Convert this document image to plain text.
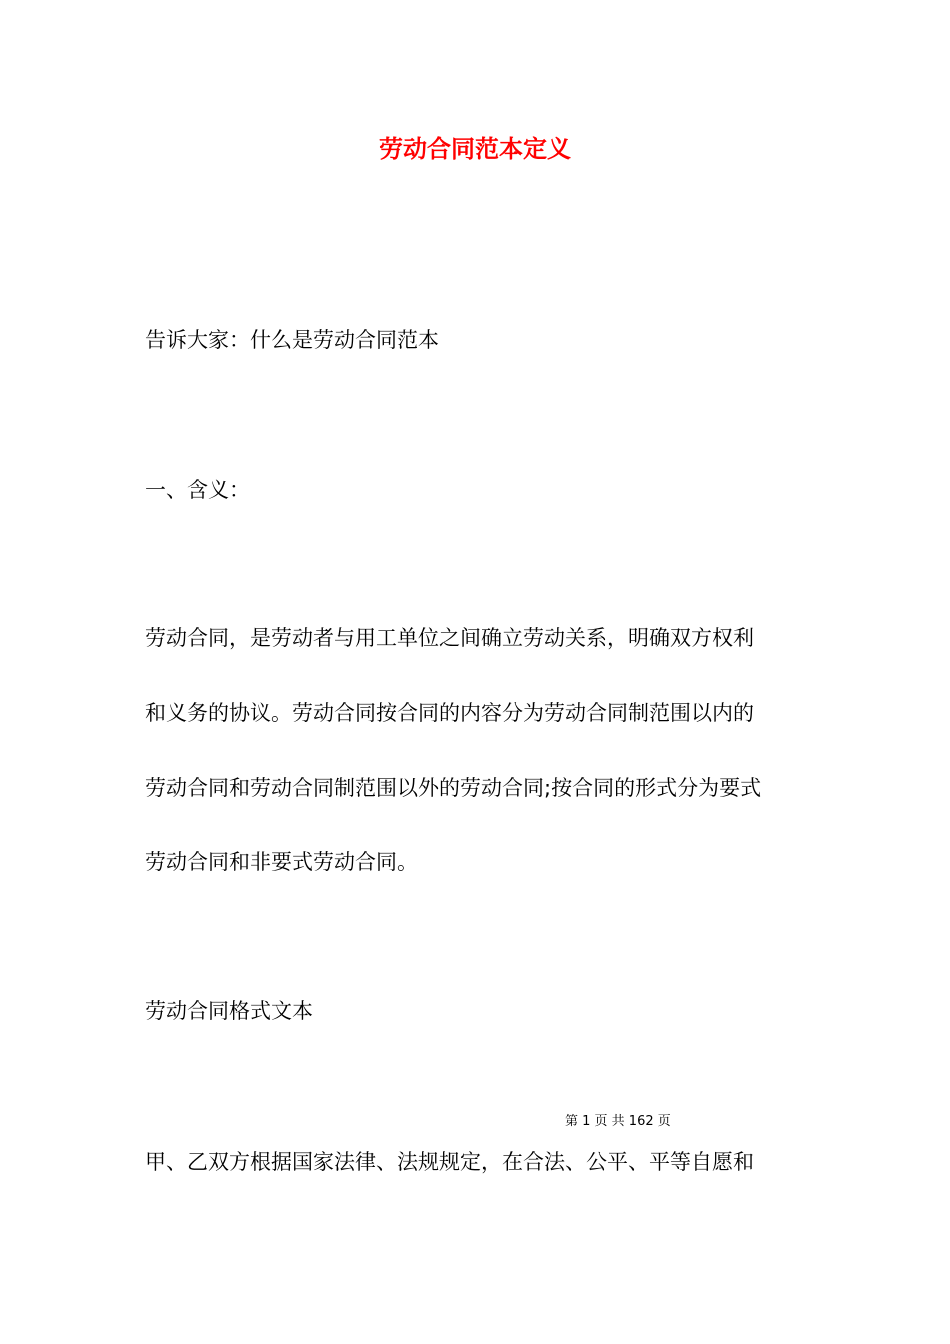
劳动合同范本定义
告诉大家：什么是劳动合同范本
一、含义：
劳动合同，是劳动者与用工单位之间确立劳动关系，明确双方权利
和义务的协议。劳动合同按合同的内容分为劳动合同制范围以内的
劳动合同和劳动合同制范围以外的劳动合同;按合同的形式分为要式
劳动合同和非要式劳动合同。
劳动合同格式文本
第 1 页 共 162 页
甲、乙双方根据国家法律、法规规定，在合法、公平、平等自愿和
